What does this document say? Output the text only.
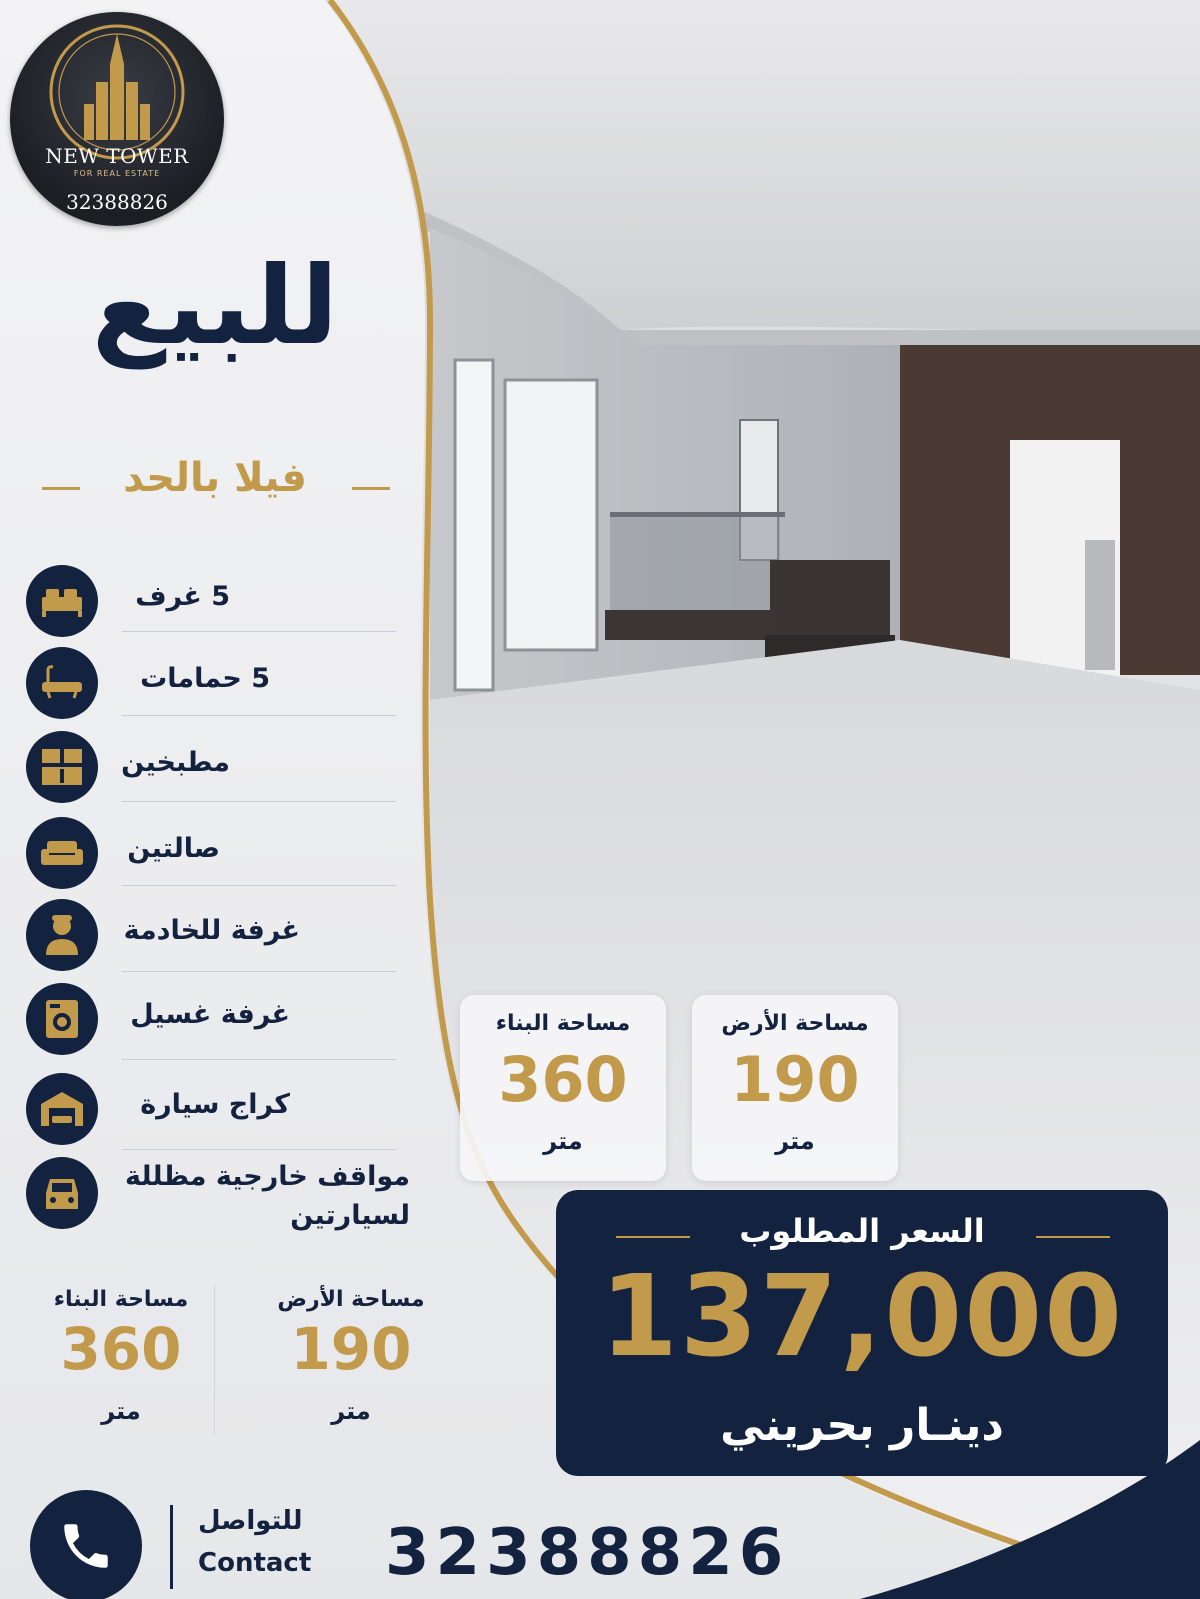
NEW TOWER
FOR REAL ESTATE
32388826
للبيع
فيلا بالحد
5 غرف
5 حمامات
مطبخين
صالتين
غرفة للخادمة
غرفة غسيل
كراج سيارة
مواقف خارجية مظللة لسيارتين
مساحة البناء
360
متر
مساحة الأرض
190
متر
مساحة البناء
360
متر
مساحة الأرض
190
متر
السعر المطلوب
137,000
دينـار بحريني
للتواصل
Contact 32388826
